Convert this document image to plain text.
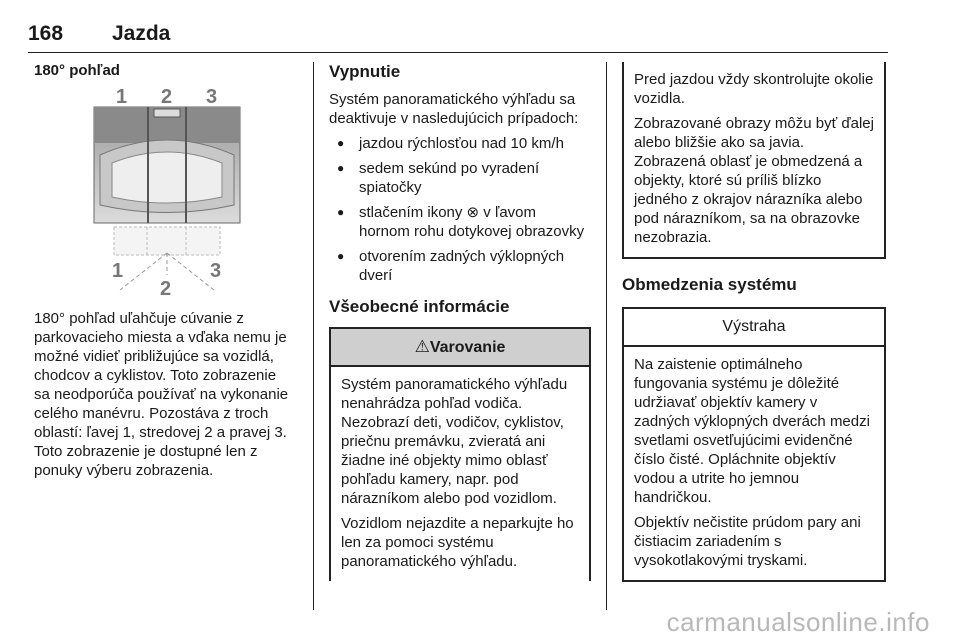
168 Jazda
180° pohľad
1 2 3
1
2
3

180° pohľad uľahčuje cúvanie z parkovacieho miesta a vďaka nemu je možné vidieť približujúce sa vozidlá, chodcov a cyklistov. Toto zobrazenie sa neodporúča používať na vykonanie celého manévru. Pozostáva z troch oblastí: ľavej 1, stredovej 2 a pravej 3. Toto zobrazenie je dostupné len z ponuky výberu zobrazenia.

Vypnutie

Systém panoramatického výhľadu sa deaktivuje v nasledujúcich prípadoch:

● jazdou rýchlosťou nad 10 km/h
● sedem sekúnd po vyradení spiatočky
● stlačením ikony ⊗ v ľavom hornom rohu dotykovej obrazovky
● otvorením zadných výklopných dverí
Všeobecné informácie
⚠Varovanie

Systém panoramatického výhľadu nenahrádza pohľad vodiča. Nezobrazí deti, vodičov, cyklistov, priečnu premávku, zvieratá ani žiadne iné objekty mimo oblasť pohľadu kamery, napr. pod nárazníkom alebo pod vozidlom.

Vozidlom nejazdite a neparkujte ho len za pomoci systému panoramatického výhľadu.

Pred jazdou vždy skontrolujte okolie vozidla.

Zobrazované obrazy môžu byť ďalej alebo bližšie ako sa javia. Zobrazená oblasť je obmedzená a objekty, ktoré sú príliš blízko jedného z okrajov nárazníka alebo pod nárazníkom, sa na obrazovke nezobrazia.

Obmedzenia systému
Výstraha

Na zaistenie optimálneho fungovania systému je dôležité udržiavať objektív kamery v zadných výklopných dverách medzi svetlami osvetľujúcimi evidenčné číslo čisté. Opláchnite objektív vodou a utrite ho jemnou handričkou.

Objektív nečistite prúdom pary ani čistiacim zariadením s vysokotlakovými tryskami.

carmanualsonline.info
